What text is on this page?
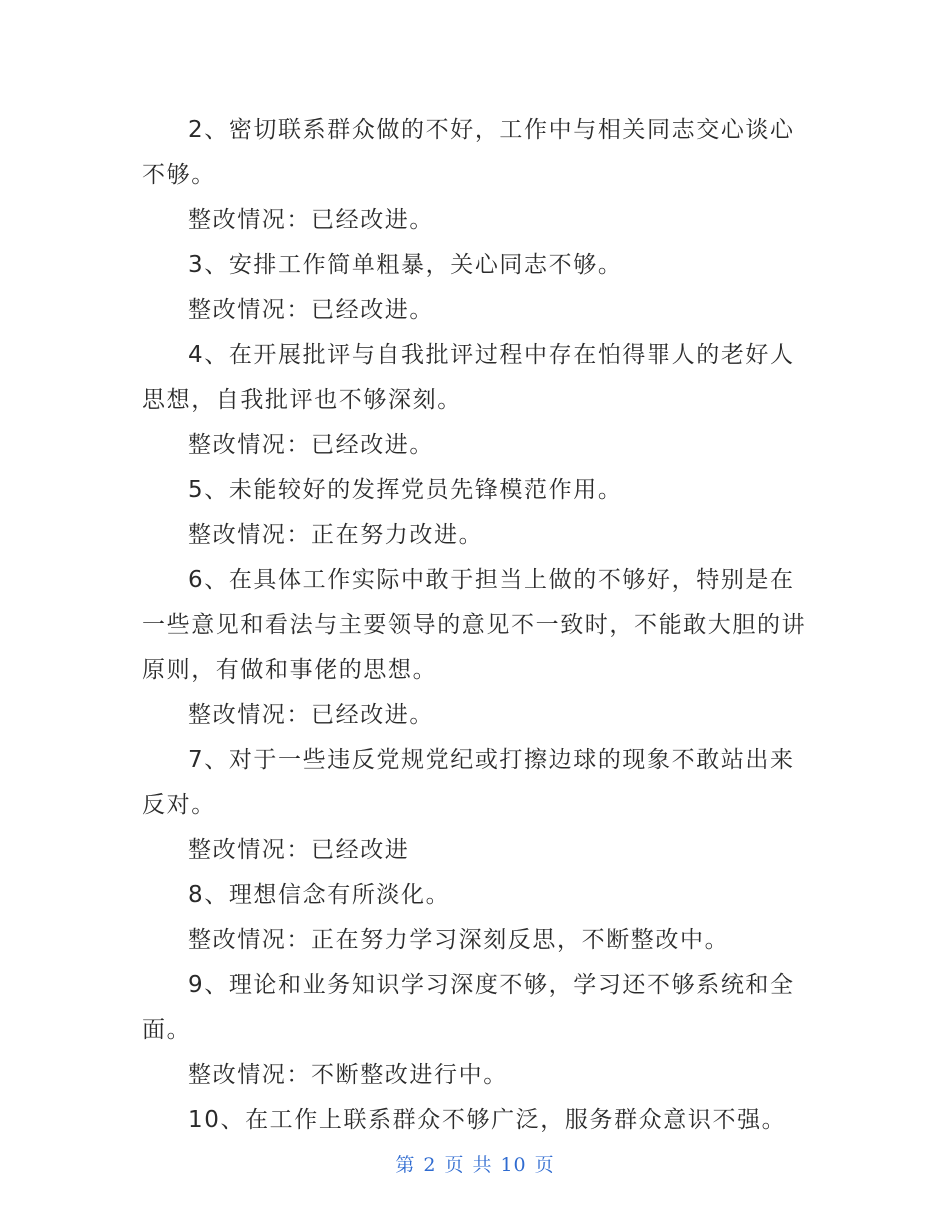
2、密切联系群众做的不好，工作中与相关同志交心谈心不够。

整改情况：已经改进。

3、安排工作简单粗暴，关心同志不够。

整改情况：已经改进。

4、在开展批评与自我批评过程中存在怕得罪人的老好人思想，自我批评也不够深刻。

整改情况：已经改进。

5、未能较好的发挥党员先锋模范作用。

整改情况：正在努力改进。

6、在具体工作实际中敢于担当上做的不够好，特别是在一些意见和看法与主要领导的意见不一致时，不能敢大胆的讲原则，有做和事佬的思想。

整改情况：已经改进。

7、对于一些违反党规党纪或打擦边球的现象不敢站出来反对。

整改情况：已经改进

8、理想信念有所淡化。

整改情况：正在努力学习深刻反思，不断整改中。

9、理论和业务知识学习深度不够，学习还不够系统和全面。

整改情况：不断整改进行中。

10、在工作上联系群众不够广泛，服务群众意识不强。

第 2 页 共 10 页
